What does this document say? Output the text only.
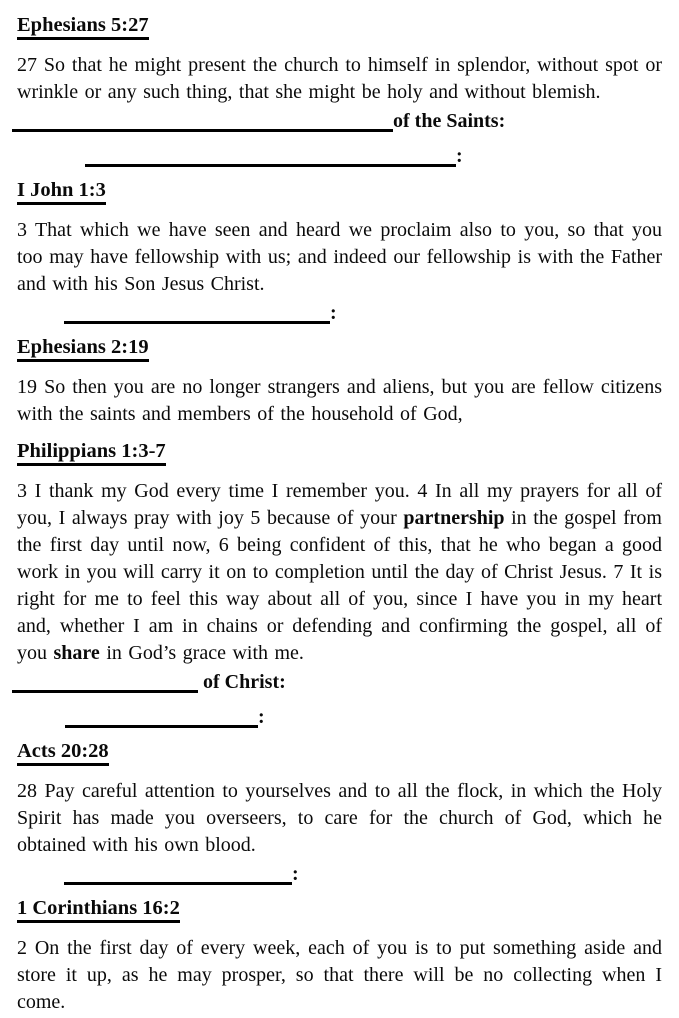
Ephesians 5:27

27 So that he might present the church to himself in splendor, without spot or wrinkle or any such thing, that she might be holy and without blemish.

of the Saints:
:
I John 1:3

3 That which we have seen and heard we proclaim also to you, so that you too may have fellowship with us; and indeed our fellowship is with the Father and with his Son Jesus Christ.

:
Ephesians 2:19

19 So then you are no longer strangers and aliens, but you are fellow citizens with the saints and members of the household of God,

Philippians 1:3-7

3 I thank my God every time I remember you. 4 In all my prayers for all of you, I always pray with joy 5 because of your partnership in the gospel from the first day until now, 6 being confident of this, that he who began a good work in you will carry it on to completion until the day of Christ Jesus. 7 It is right for me to feel this way about all of you, since I have you in my heart and, whether I am in chains or defending and confirming the gospel, all of you share in God’s grace with me.

of Christ:
:
Acts 20:28

28 Pay careful attention to yourselves and to all the flock, in which the Holy Spirit has made you overseers, to care for the church of God, which he obtained with his own blood.

:
1 Corinthians 16:2

2 On the first day of every week, each of you is to put something aside and store it up, as he may prosper, so that there will be no collecting when I come.
